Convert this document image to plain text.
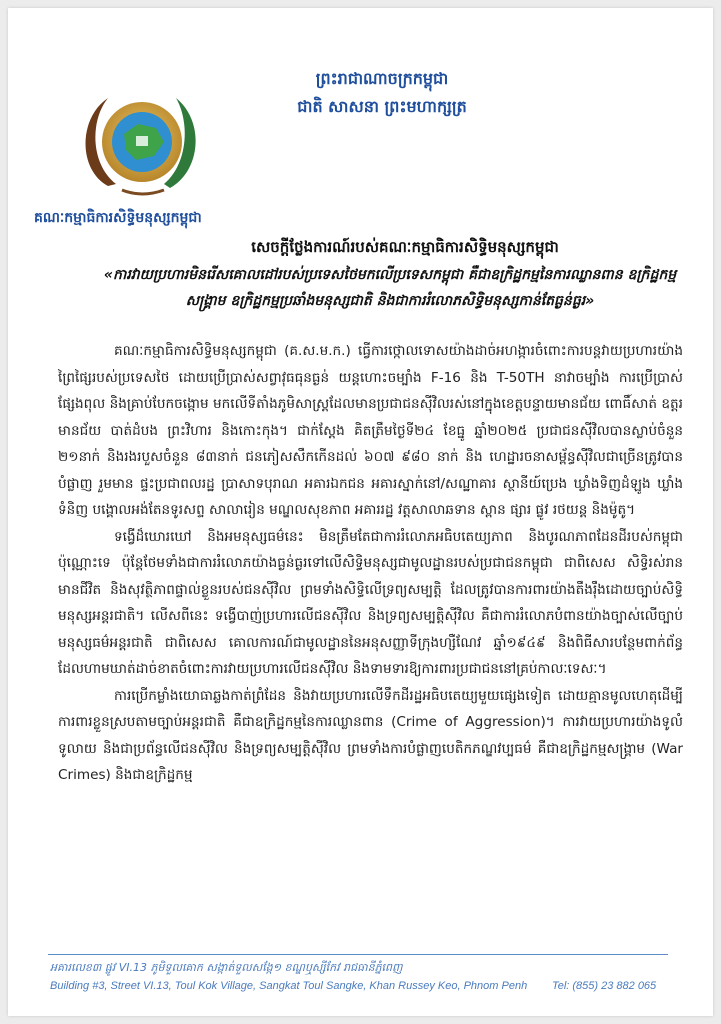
ព្រះរាជាណាចក្រកម្ពុជា
ជាតិ សាសនា ព្រះមហាក្សត្រ
គណៈកម្មាធិការសិទ្ធិមនុស្សកម្ពុជា
សេចក្តីថ្លែងការណ៍របស់គណៈកម្មាធិការសិទ្ធិមនុស្សកម្ពុជា
«ការវាយប្រហារមិនរើសគោលដៅរបស់ប្រទេសថៃមកលើប្រទេសកម្ពុជា គឺជាឧក្រិដ្ឋកម្មនៃការឈ្លានពាន ឧក្រិដ្ឋកម្មសង្គ្រាម ឧក្រិដ្ឋកម្មប្រឆាំងមនុស្សជាតិ និងជាការរំលោភសិទ្ធិមនុស្សកាន់តែធ្ងន់ធ្ងរ»

គណៈកម្មាធិការសិទ្ធិមនុស្សកម្ពុជា (គ.ស.ម.ក.) ធ្វើការថ្កោលទោសយ៉ាងដាច់អហង្ការចំពោះការបន្តវាយប្រហារយ៉ាងព្រៃផ្សៃរបស់ប្រទេសថៃ ដោយប្រើប្រាស់សព្វាវុធធុនធ្ងន់ យន្តហោះចម្បាំង F-16 និង T-50TH នាវាចម្បាំង ការប្រើប្រាស់ផ្សែងពុល និងគ្រាប់បែកចង្កោម មកលើទីតាំងភូមិសាស្ត្រដែលមានប្រជាជនស៊ីវិលរស់នៅក្នុងខេត្តបន្ទាយមានជ័យ ពោធិ៍សាត់ ឧត្តរមានជ័យ បាត់ដំបង ព្រះវិហារ និងកោះកុង។ ជាក់ស្តែង គិតត្រឹមថ្ងៃទី២៤ ខែធ្នូ ឆ្នាំ២០២៥ ប្រជាជនស៊ីវិលបានស្លាប់ចំនួន ២១នាក់ និងរងរបួសចំនួន ៨៣នាក់ ជនភៀសសឹកកើនដល់ ៦០៧ ៩៨០ នាក់ និង ហេដ្ឋារចនាសម្ព័ន្ធស៊ីវិលជាច្រើនត្រូវបានបំផ្លាញ រួមមាន ផ្ទះប្រជាពលរដ្ឋ ប្រាសាទបុរាណ អគារឯកជន អគារស្នាក់នៅ/សណ្ឋាគារ ស្ថានីយ៍ប្រេង ឃ្លាំងទិញដំឡូង ឃ្លាំងទំនិញ បង្គោលអង់តែនទូរសព្ទ សាលារៀន មណ្ឌលសុខភាព អគាររដ្ឋ វត្តសាលាឆទាន ស្ពាន ផ្សារ ផ្លូវ រថយន្ត និងម៉ូតូ។

ទង្វើដ៏ឃោរឃៅ និងអមនុស្សធម៌នេះ មិនត្រឹមតែជាការរំលោភអធិបតេយ្យភាព និងបូរណភាពដែនដីរបស់កម្ពុជាប៉ុណ្ណោះទេ ប៉ុន្តែថែមទាំងជាការរំលោភយ៉ាងធ្ងន់ធ្ងរទៅលើសិទ្ធិមនុស្សជាមូលដ្ឋានរបស់ប្រជាជនកម្ពុជា ជាពិសេស សិទ្ធិរស់រានមានជីវិត និងសុវត្ថិភាពផ្ទាល់ខ្លួនរបស់ជនស៊ីវិល ព្រមទាំងសិទ្ធិលើទ្រព្យសម្បត្តិ ដែលត្រូវបានការពារយ៉ាងតឹងរ៉ឹងដោយច្បាប់សិទ្ធិមនុស្សអន្តរជាតិ។ លើសពីនេះ ទង្វើបាញ់ប្រហារលើជនស៊ីវិល និងទ្រព្យសម្បត្តិស៊ីវិល គឺជាការរំលោភបំពានយ៉ាងច្បាស់លើច្បាប់មនុស្សធម៌អន្តរជាតិ ជាពិសេស គោលការណ៍ជាមូលដ្ឋាននៃអនុសញ្ញាទីក្រុងហ្សឺណែវ ឆ្នាំ១៩៤៩ និងពិធីសារបន្ថែមពាក់ព័ន្ធដែលហាមឃាត់ដាច់ខាតចំពោះការវាយប្រហារលើជនស៊ីវិល និងទាមទារឱ្យការពារប្រជាជននៅគ្រប់កាលៈទេសៈ។

ការប្រើកម្លាំងយោធាឆ្លងកាត់ព្រំដែន និងវាយប្រហារលើទឹកដីរដ្ឋអធិបតេយ្យមួយផ្សេងទៀត ដោយគ្មានមូលហេតុដើម្បីការពារខ្លួនស្របតាមច្បាប់អន្តរជាតិ គឺជាឧក្រិដ្ឋកម្មនៃការឈ្លានពាន (Crime of Aggression)។ ការវាយប្រហារយ៉ាងទូលំទូលាយ និងជាប្រព័ន្ធលើជនស៊ីវិល និងទ្រព្យសម្បត្តិស៊ីវិល ព្រមទាំងការបំផ្លាញបេតិកភណ្ឌវប្បធម៌ គឺជាឧក្រិដ្ឋកម្មសង្គ្រាម (War Crimes) និងជាឧក្រិដ្ឋកម្ម

អគារលេខ៣ ផ្លូវ VI.13 ភូមិទួលគោក សង្កាត់ទួលសង្កែ១ ខណ្ឌឬស្សីកែវ រាជធានីភ្នំពេញ
Building #3, Street VI.13, Toul Kok Village, Sangkat Toul Sangke, Khan Russey Keo, Phnom Penh Tel: (855) 23 882 065
